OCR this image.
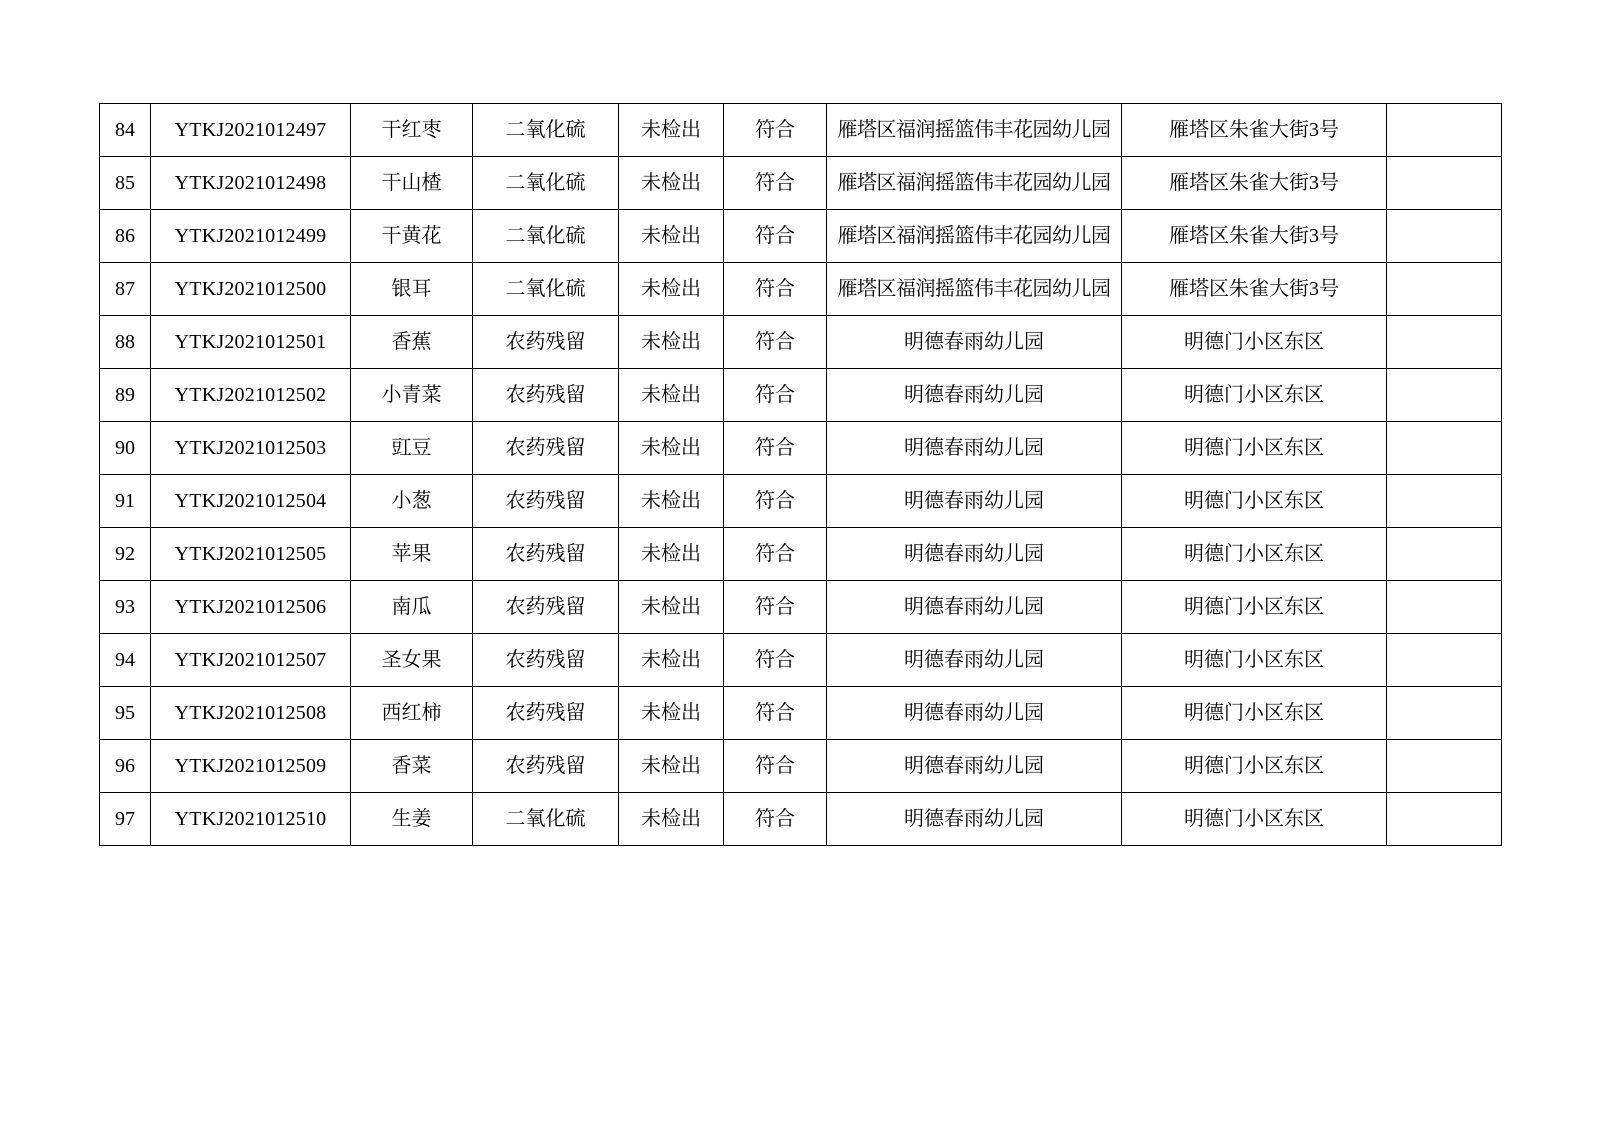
84	YTKJ2021012497	干红枣	二氧化硫	未检出	符合	雁塔区福润摇篮伟丰花园幼儿园	雁塔区朱雀大街3号	
85	YTKJ2021012498	干山楂	二氧化硫	未检出	符合	雁塔区福润摇篮伟丰花园幼儿园	雁塔区朱雀大街3号	
86	YTKJ2021012499	干黄花	二氧化硫	未检出	符合	雁塔区福润摇篮伟丰花园幼儿园	雁塔区朱雀大街3号	
87	YTKJ2021012500	银耳	二氧化硫	未检出	符合	雁塔区福润摇篮伟丰花园幼儿园	雁塔区朱雀大街3号	
88	YTKJ2021012501	香蕉	农药残留	未检出	符合	明德春雨幼儿园	明德门小区东区	
89	YTKJ2021012502	小青菜	农药残留	未检出	符合	明德春雨幼儿园	明德门小区东区	
90	YTKJ2021012503	豇豆	农药残留	未检出	符合	明德春雨幼儿园	明德门小区东区	
91	YTKJ2021012504	小葱	农药残留	未检出	符合	明德春雨幼儿园	明德门小区东区	
92	YTKJ2021012505	苹果	农药残留	未检出	符合	明德春雨幼儿园	明德门小区东区	
93	YTKJ2021012506	南瓜	农药残留	未检出	符合	明德春雨幼儿园	明德门小区东区	
94	YTKJ2021012507	圣女果	农药残留	未检出	符合	明德春雨幼儿园	明德门小区东区	
95	YTKJ2021012508	西红柿	农药残留	未检出	符合	明德春雨幼儿园	明德门小区东区	
96	YTKJ2021012509	香菜	农药残留	未检出	符合	明德春雨幼儿园	明德门小区东区	
97	YTKJ2021012510	生姜	二氧化硫	未检出	符合	明德春雨幼儿园	明德门小区东区	
